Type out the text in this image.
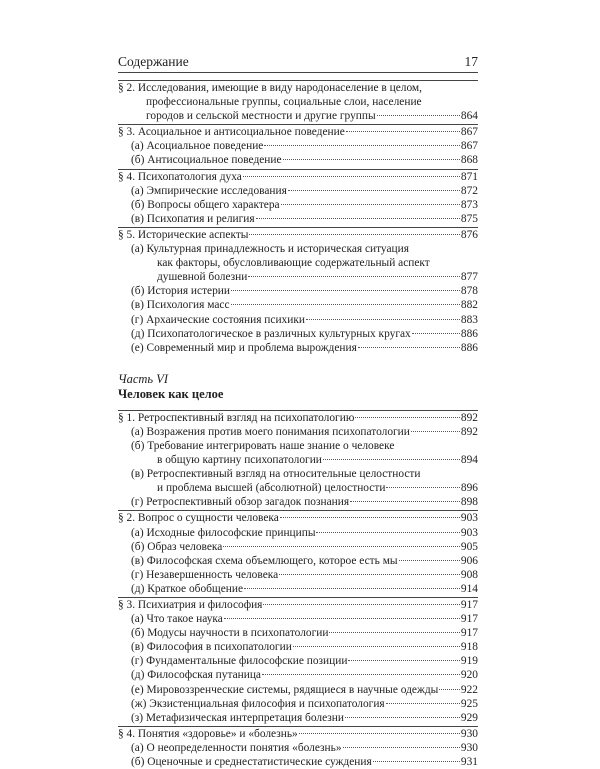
Содержание	17
§ 2. Исследования, имеющие в виду народонаселение в целом,
профессиональные группы, социальные слои, население
городов и сельской местности и другие группы	864
§ 3. Асоциальное и антисоциальное поведение	867
(а) Асоциальное поведение	867
(б) Антисоциальное поведение	868
§ 4. Психопатология духа	871
(а) Эмпирические исследования	872
(б) Вопросы общего характера	873
(в) Психопатия и религия	875
§ 5. Исторические аспекты	876
(а) Культурная принадлежность и историческая ситуация
как факторы, обусловливающие содержательный аспект
душевной болезни	877
(б) История истерии	878
(в) Психология масс	882
(г) Архаические состояния психики	883
(д) Психопатологическое в различных культурных кругах	886
(е) Современный мир и проблема вырождения	886
Часть VI
Человек как целое
§ 1. Ретроспективный взгляд на психопатологию	892
(а) Возражения против моего понимания психопатологии	892
(б) Требование интегрировать наше знание о человеке
в общую картину психопатологии	894
(в) Ретроспективный взгляд на относительные целостности
и проблема высшей (абсолютной) целостности	896
(г) Ретроспективный обзор загадок познания	898
§ 2. Вопрос о сущности человека	903
(а) Исходные философские принципы	903
(б) Образ человека	905
(в) Философская схема объемлющего, которое есть мы	906
(г) Незавершенность человека	908
(д) Краткое обобщение	914
§ 3. Психиатрия и философия	917
(а) Что такое наука	917
(б) Модусы научности в психопатологии	917
(в) Философия в психопатологии	918
(г) Фундаментальные философские позиции	919
(д) Философская путаница	920
(е) Мировоззренческие системы, рядящиеся в научные одежды 922
(ж) Экзистенциальная философия и психопатология	925
(з) Метафизическая интерпретация болезни	929
§ 4. Понятия «здоровье» и «болезнь»	930
(а) О неопределенности понятия «болезнь»	930
(б) Оценочные и среднестатистические суждения	931
